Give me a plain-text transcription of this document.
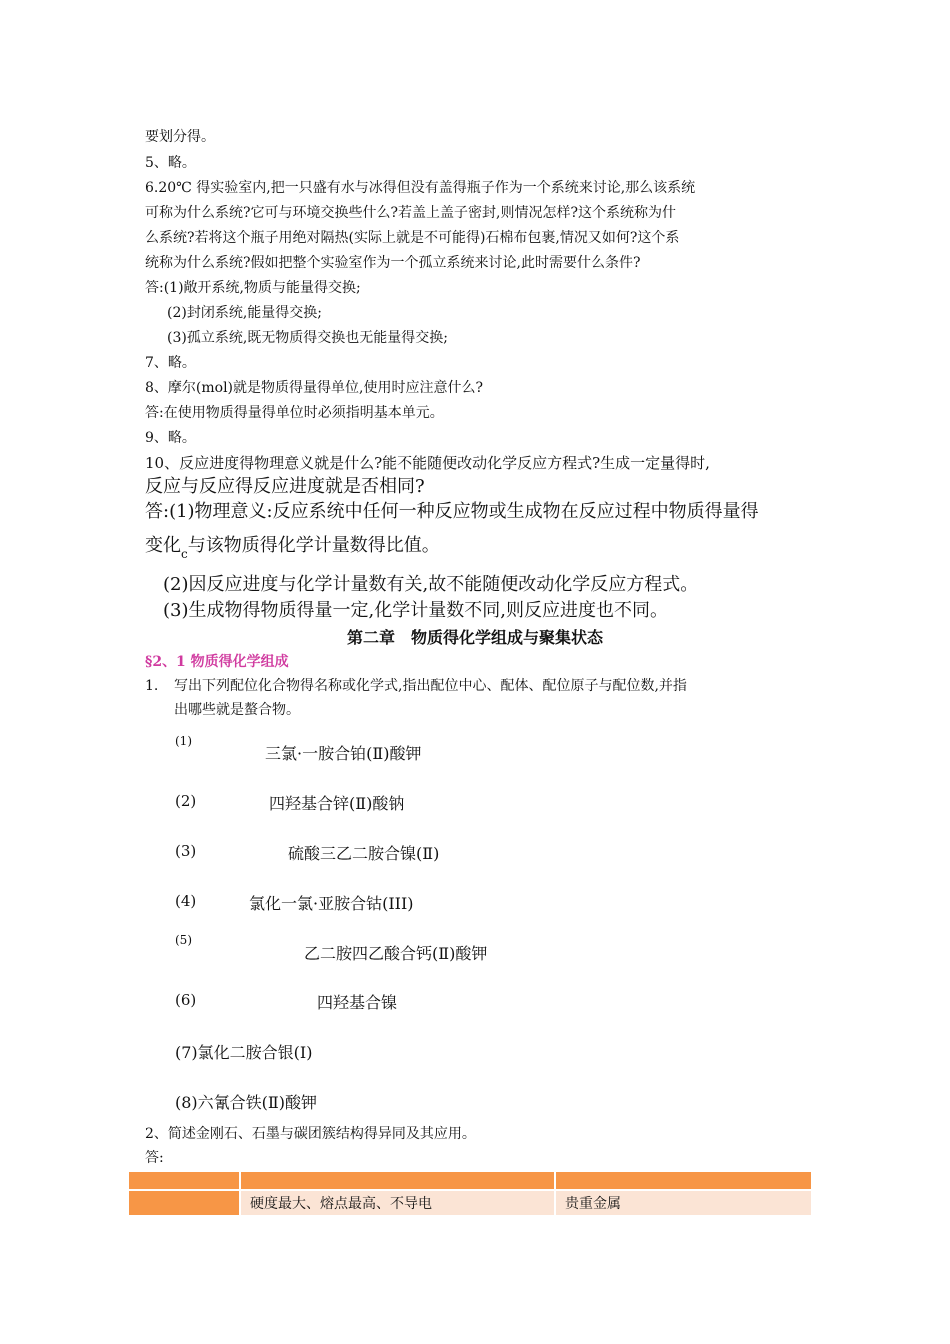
要划分得。
5、略。
6.20℃ 得实验室内,把一只盛有水与冰得但没有盖得瓶子作为一个系统来讨论,那么该系统
可称为什么系统?它可与环境交换些什么?若盖上盖子密封,则情况怎样?这个系统称为什
么系统?若将这个瓶子用绝对隔热(实际上就是不可能得)石棉布包裹,情况又如何?这个系
统称为什么系统?假如把整个实验室作为一个孤立系统来讨论,此时需要什么条件?
答:(1)敞开系统,物质与能量得交换;
(2)封闭系统,能量得交换;
(3)孤立系统,既无物质得交换也无能量得交换;
7、略。
8、摩尔(mol)就是物质得量得单位,使用时应注意什么?
答:在使用物质得量得单位时必须指明基本单元。
9、略。
10、反应进度得物理意义就是什么?能不能随便改动化学反应方程式?生成一定量得时,
反应与反应得反应进度就是否相同?
答:(1)物理意义:反应系统中任何一种反应物或生成物在反应过程中物质得量得
变化$_c$与该物质得化学计量数得比值。
(2)因反应进度与化学计量数有关,故不能随便改动化学反应方程式。
(3)生成物得物质得量一定,化学计量数不同,则反应进度也不同。
第二章　物质得化学组成与聚集状态
§2、1 物质得化学组成
1. 写出下列配位化合物得名称或化学式,指出配位中心、配体、配位原子与配位数,并指
出哪些就是螯合物。
(1)
三氯·一胺合铂(Ⅱ)酸钾
(2)	四羟基合锌(Ⅱ)酸钠
(3)	硫酸三乙二胺合镍(Ⅱ)
(4)	氯化一氯·亚胺合钴(III)
(5)
乙二胺四乙酸合钙(Ⅱ)酸钾
(6)	四羟基合镍
(7)氯化二胺合银(Ⅰ)
(8)六氰合铁(Ⅱ)酸钾
2、简述金刚石、石墨与碳团簇结构得异同及其应用。
答:

	硬度最大、熔点最高、不导电	贵重金属
